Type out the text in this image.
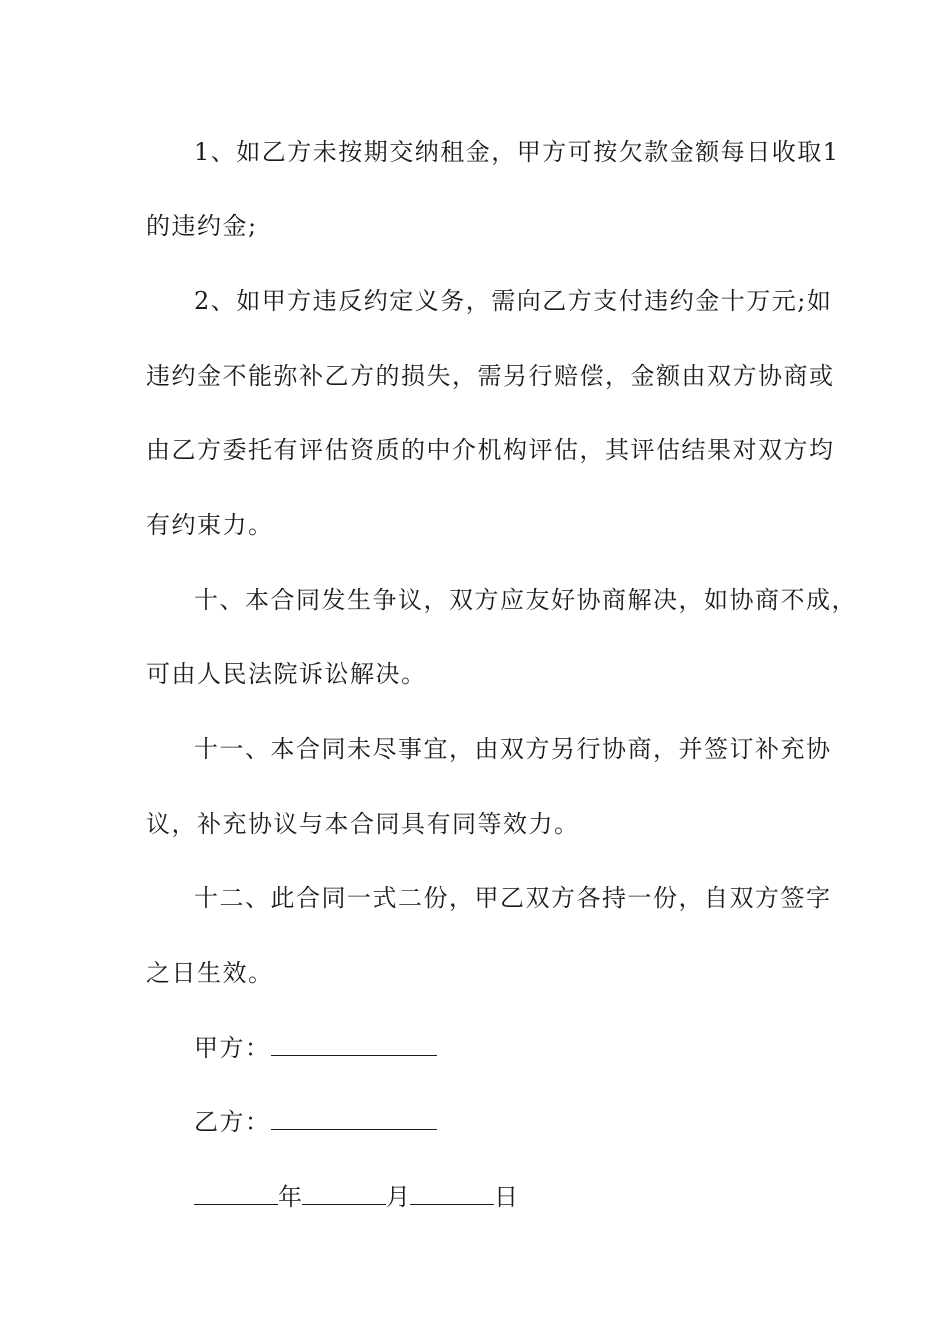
1、如乙方未按期交纳租金，甲方可按欠款金额每日收取1
的违约金;
2、如甲方违反约定义务，需向乙方支付违约金十万元;如
违约金不能弥补乙方的损失，需另行赔偿，金额由双方协商或
由乙方委托有评估资质的中介机构评估，其评估结果对双方均
有约束力。
十、本合同发生争议，双方应友好协商解决，如协商不成，
可由人民法院诉讼解决。
十一、本合同未尽事宜，由双方另行协商，并签订补充协
议，补充协议与本合同具有同等效力。
十二、此合同一式二份，甲乙双方各持一份，自双方签字
之日生效。
甲方：
乙方：
年	月	日
